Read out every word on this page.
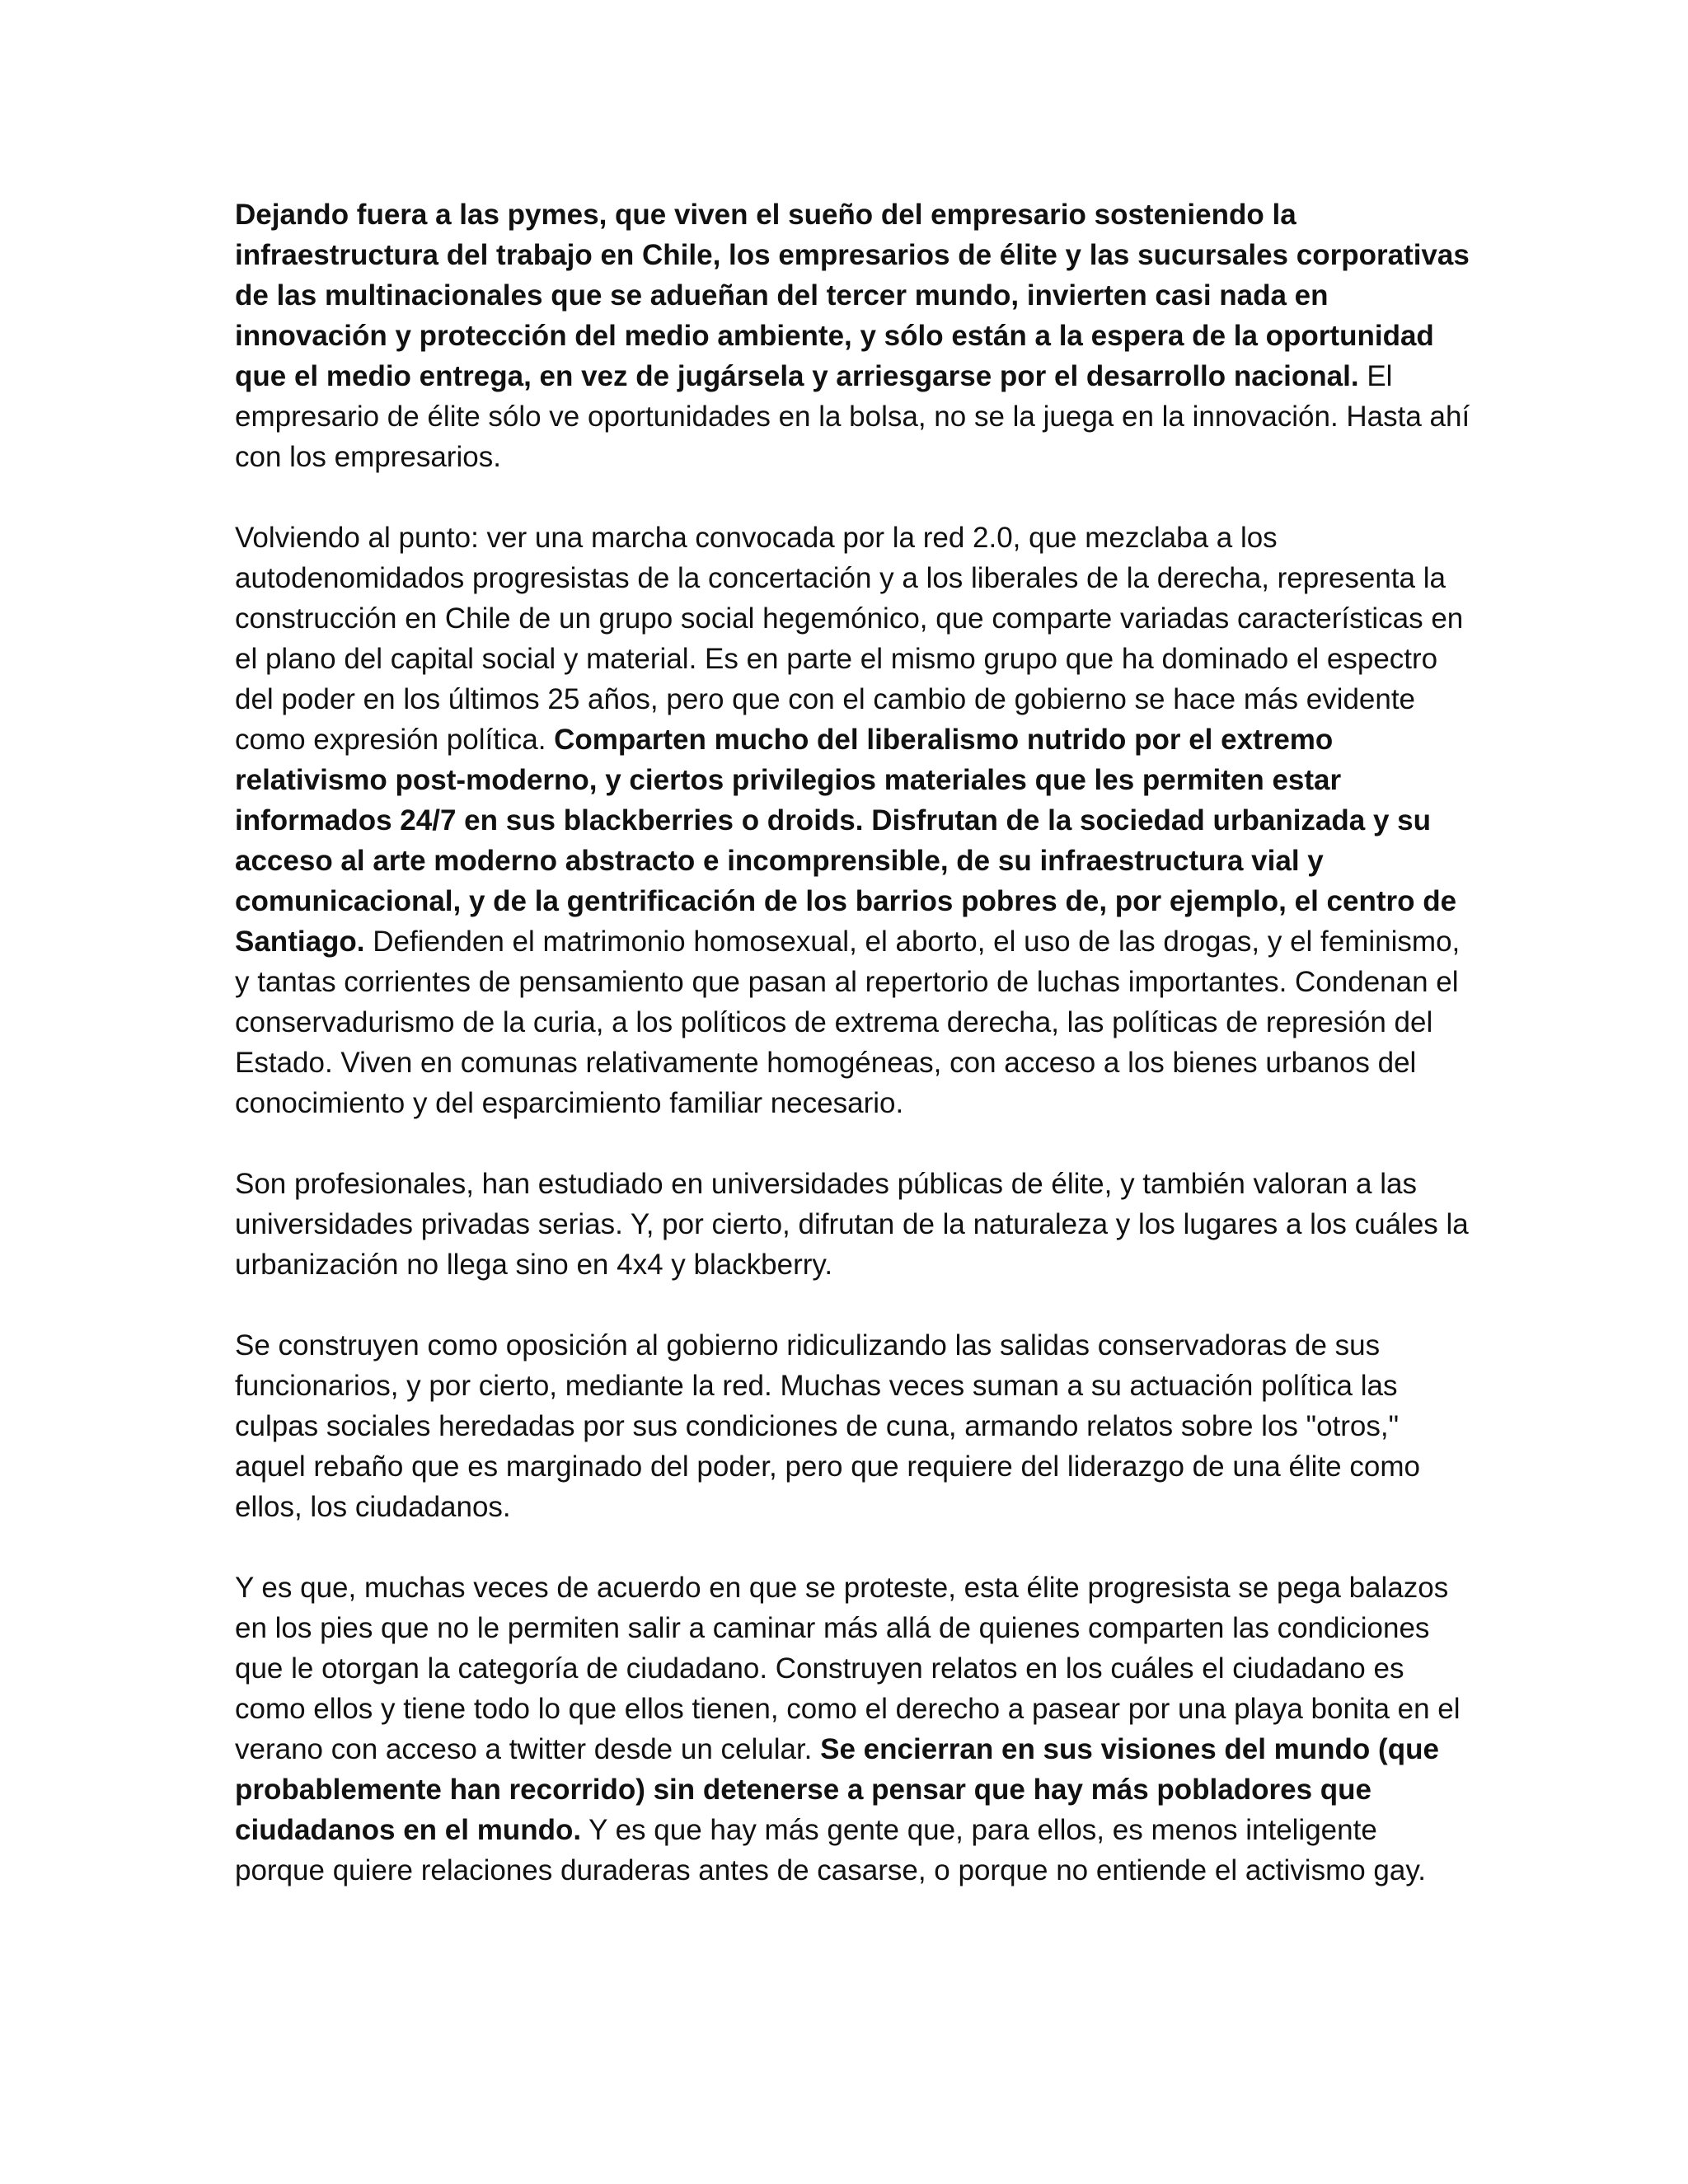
Dejando fuera a las pymes, que viven el sueño del empresario sosteniendo la infraestructura del trabajo en Chile, los empresarios de élite y las sucursales corporativas de las multinacionales que se adueñan del tercer mundo, invierten casi nada en innovación y protección del medio ambiente, y sólo están a la espera de la oportunidad que el medio entrega, en vez de jugársela y arriesgarse por el desarrollo nacional. El empresario de élite sólo ve oportunidades en la bolsa, no se la juega en la innovación. Hasta ahí con los empresarios.

Volviendo al punto: ver una marcha convocada por la red 2.0, que mezclaba a los autodenomidados progresistas de la concertación y a los liberales de la derecha, representa la construcción en Chile de un grupo social hegemónico, que comparte variadas características en el plano del capital social y material. Es en parte el mismo grupo que ha dominado el espectro del poder en los últimos 25 años, pero que con el cambio de gobierno se hace más evidente como expresión política. Comparten mucho del liberalismo nutrido por el extremo relativismo post-moderno, y ciertos privilegios materiales que les permiten estar informados 24/7 en sus blackberries o droids. Disfrutan de la sociedad urbanizada y su acceso al arte moderno abstracto e incomprensible, de su infraestructura vial y comunicacional, y de la gentrificación de los barrios pobres de, por ejemplo, el centro de Santiago. Defienden el matrimonio homosexual, el aborto, el uso de las drogas, y el feminismo, y tantas corrientes de pensamiento que pasan al repertorio de luchas importantes. Condenan el conservadurismo de la curia, a los políticos de extrema derecha, las políticas de represión del Estado. Viven en comunas relativamente homogéneas, con acceso a los bienes urbanos del conocimiento y del esparcimiento familiar necesario.

Son profesionales, han estudiado en universidades públicas de élite, y también valoran a las universidades privadas serias. Y, por cierto, difrutan de la naturaleza y los lugares a los cuáles la urbanización no llega sino en 4x4 y blackberry.

Se construyen como oposición al gobierno ridiculizando las salidas conservadoras de sus funcionarios, y por cierto, mediante la red. Muchas veces suman a su actuación política las culpas sociales heredadas por sus condiciones de cuna, armando relatos sobre los "otros," aquel rebaño que es marginado del poder, pero que requiere del liderazgo de una élite como ellos, los ciudadanos.

Y es que, muchas veces de acuerdo en que se proteste, esta élite progresista se pega balazos en los pies que no le permiten salir a caminar más allá de quienes comparten las condiciones que le otorgan la categoría de ciudadano. Construyen relatos en los cuáles el ciudadano es como ellos y tiene todo lo que ellos tienen, como el derecho a pasear por una playa bonita en el verano con acceso a twitter desde un celular. Se encierran en sus visiones del mundo (que probablemente han recorrido) sin detenerse a pensar que hay más pobladores que ciudadanos en el mundo. Y es que hay más gente que, para ellos, es menos inteligente porque quiere relaciones duraderas antes de casarse, o porque no entiende el activismo gay.
